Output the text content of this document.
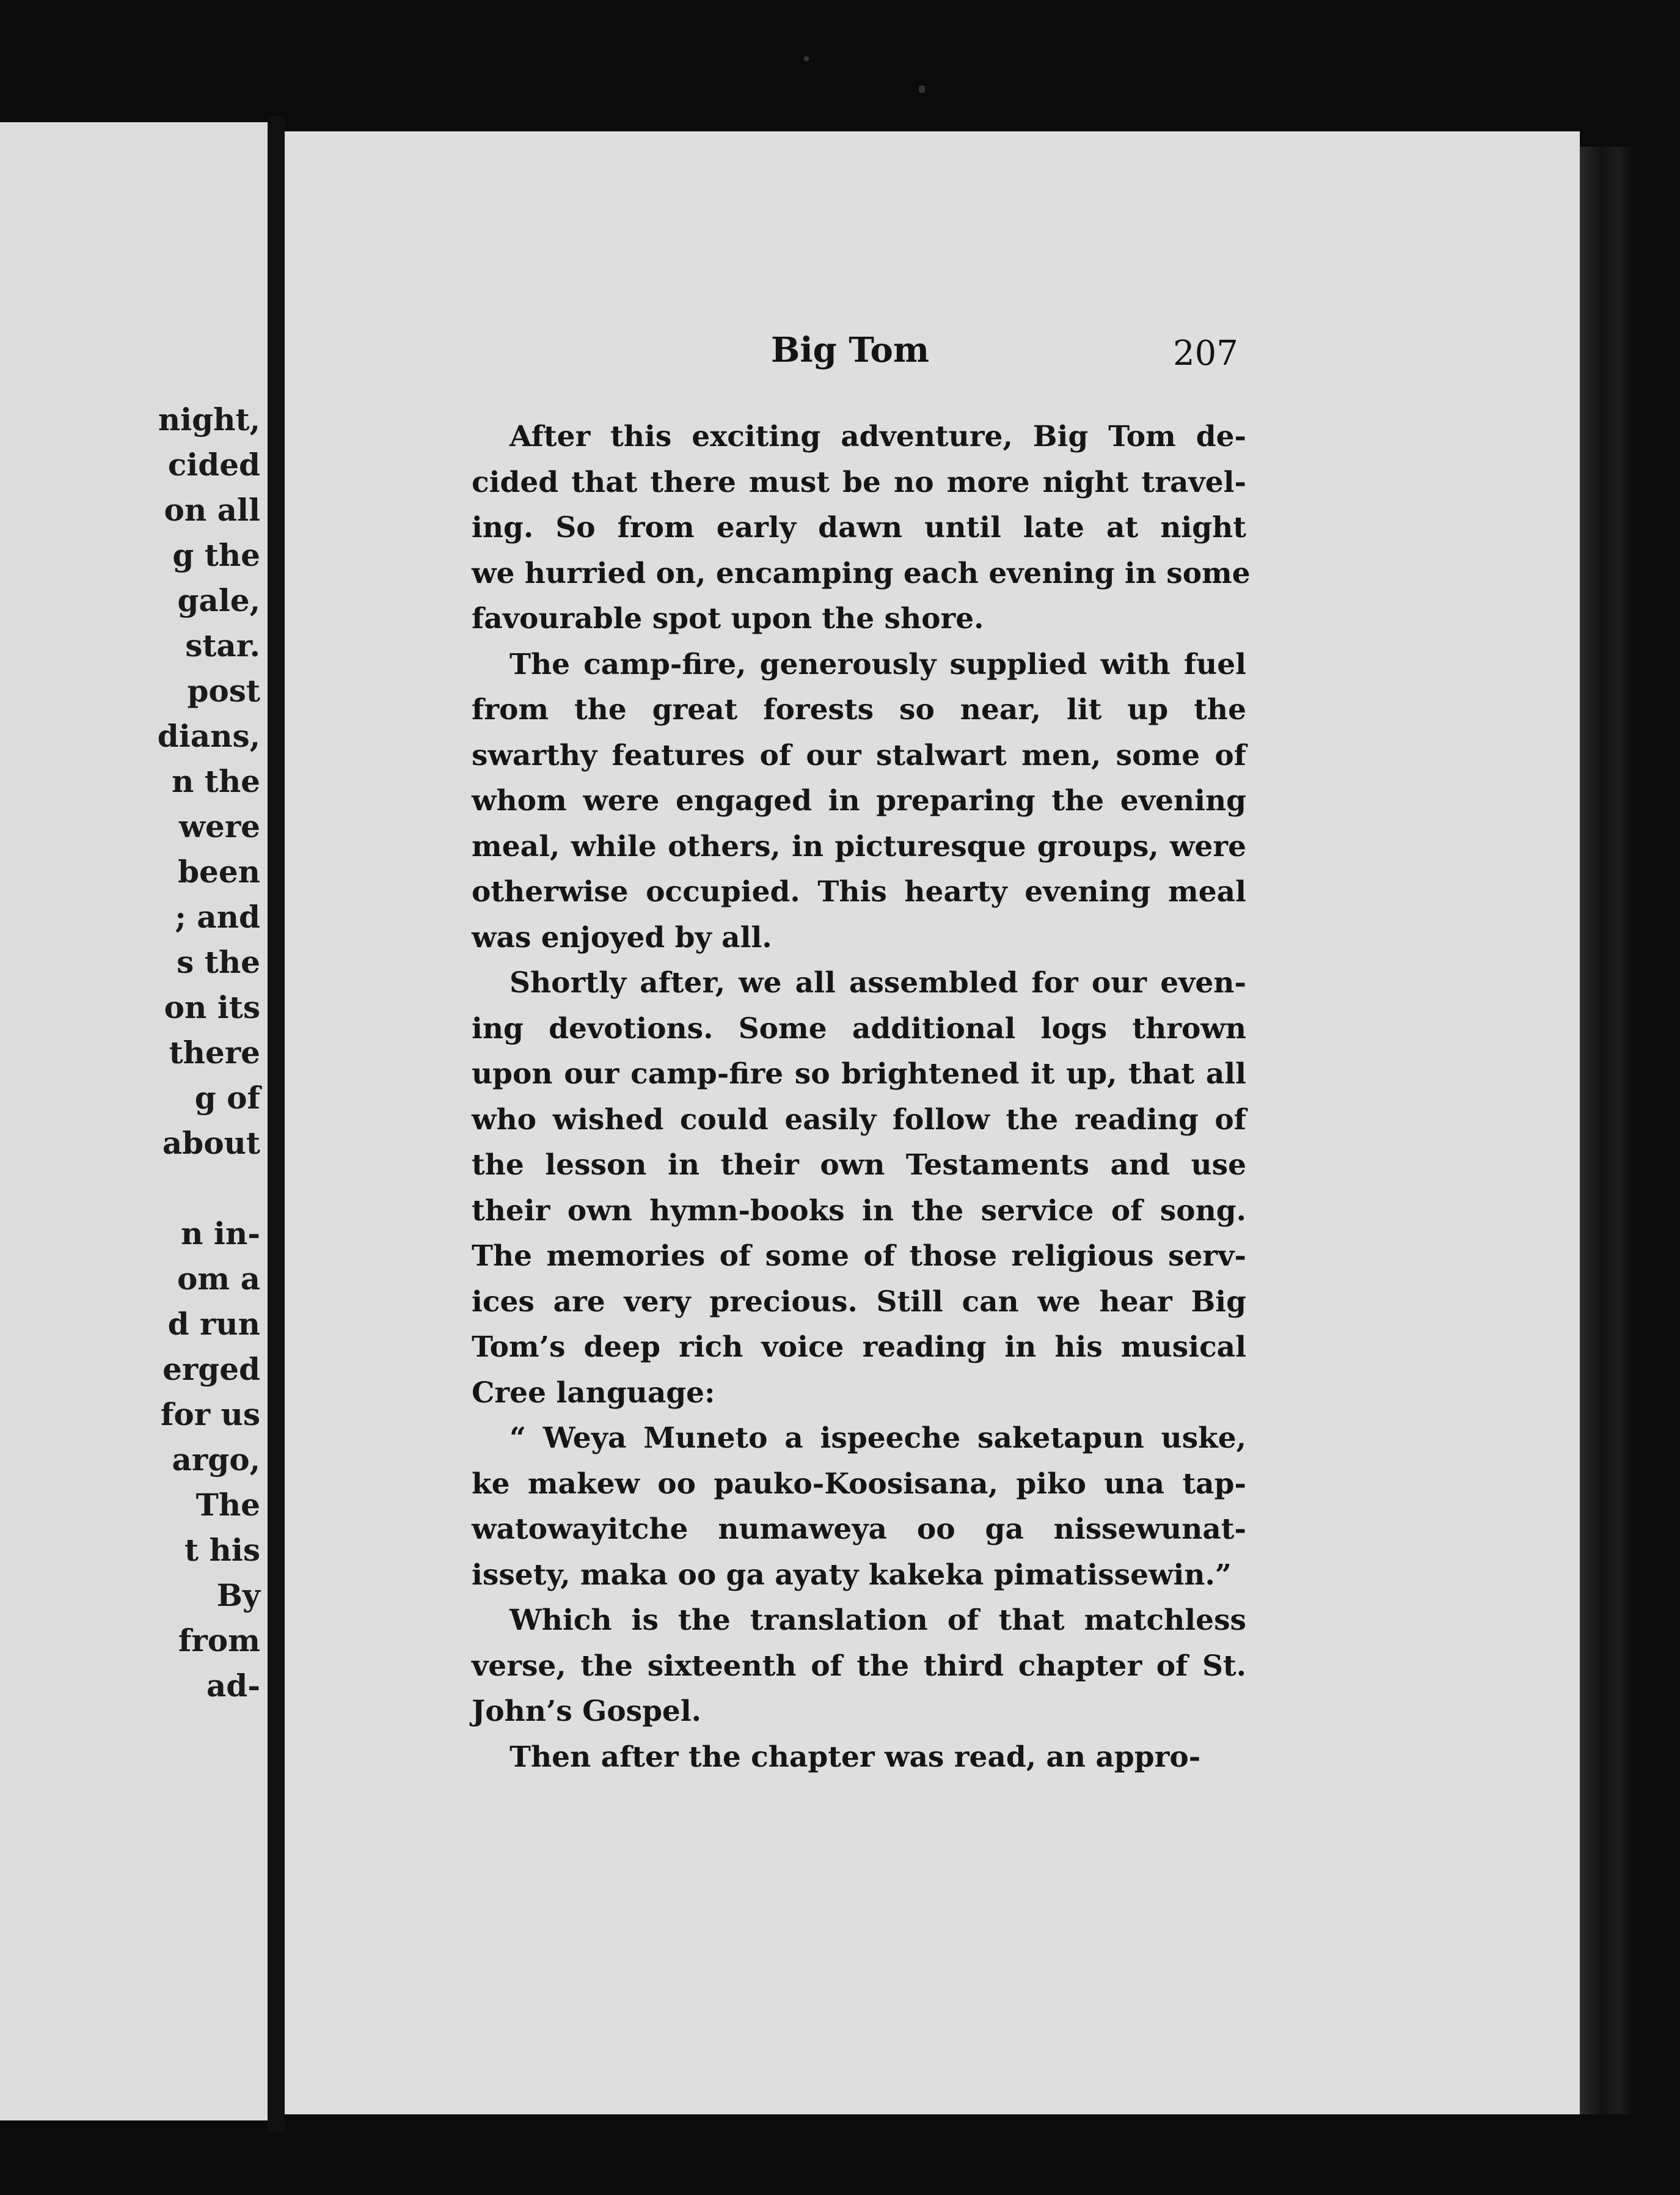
night,
cided
on all
g the
gale,
star.
post
dians,
n the
were
been
; and
s the
on its
there
g of
about
n in-
om a
d run
erged
for us
argo,
The
t his
By
from
ad-
Big Tom	207
After this exciting adventure, Big Tom de-
cided that there must be no more night travel-
ing. So from early dawn until late at night
we hurried on, encamping each evening in some
favourable spot upon the shore.
The camp-fire, generously supplied with fuel
from the great forests so near, lit up the
swarthy features of our stalwart men, some of
whom were engaged in preparing the evening
meal, while others, in picturesque groups, were
otherwise occupied. This hearty evening meal
was enjoyed by all.
Shortly after, we all assembled for our even-
ing devotions. Some additional logs thrown
upon our camp-fire so brightened it up, that all
who wished could easily follow the reading of
the lesson in their own Testaments and use
their own hymn-books in the service of song.
The memories of some of those religious serv-
ices are very precious. Still can we hear Big
Tom’s deep rich voice reading in his musical
Cree language:
“ Weya Muneto a ispeeche saketapun uske,
ke makew oo pauko-Koosisana, piko una tap-
watowayitche numaweya oo ga nissewunat-
issety, maka oo ga ayaty kakeka pimatissewin.”
Which is the translation of that matchless
verse, the sixteenth of the third chapter of St.
John’s Gospel.
Then after the chapter was read, an appro-
